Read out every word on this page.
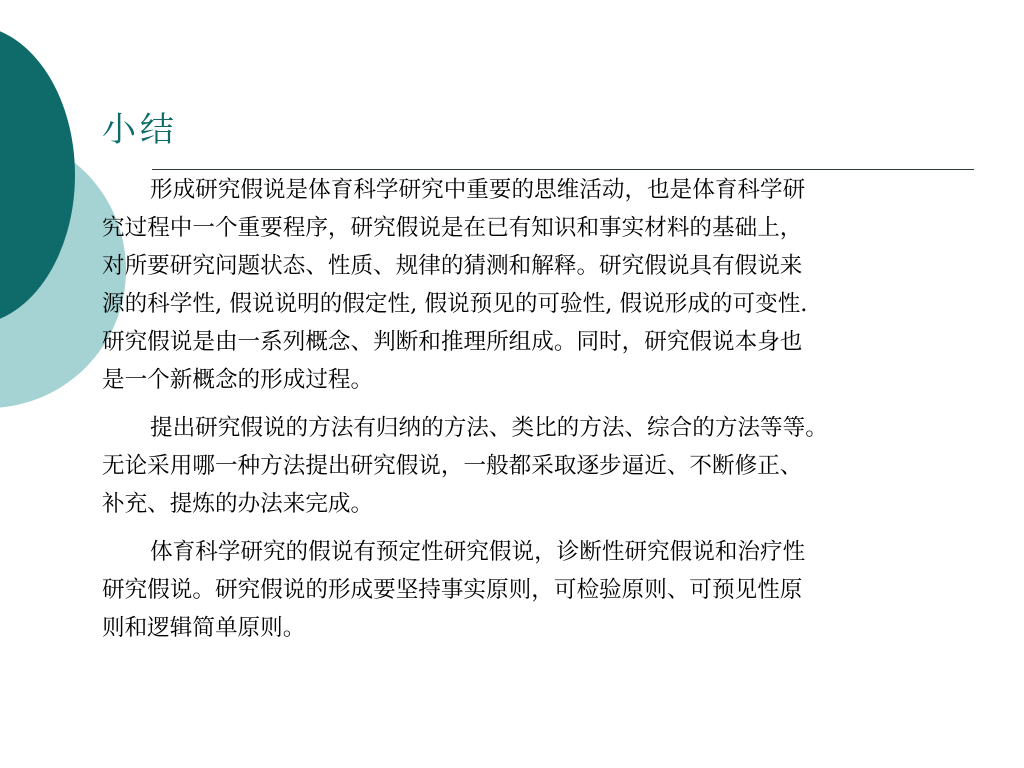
小结

形成研究假说是体育科学研究中重要的思维活动，也是体育科学研
究过程中一个重要程序，研究假说是在已有知识和事实材料的基础上，
对所要研究问题状态、性质、规律的猜测和解释。研究假说具有假说来
源的科学性, 假说说明的假定性, 假说预见的可验性, 假说形成的可变性.
研究假说是由一系列概念、判断和推理所组成。同时，研究假说本身也
是一个新概念的形成过程。

提出研究假说的方法有归纳的方法、类比的方法、综合的方法等等。
无论采用哪一种方法提出研究假说，一般都采取逐步逼近、不断修正、
补充、提炼的办法来完成。

体育科学研究的假说有预定性研究假说，诊断性研究假说和治疗性
研究假说。研究假说的形成要坚持事实原则，可检验原则、可预见性原
则和逻辑简单原则。
